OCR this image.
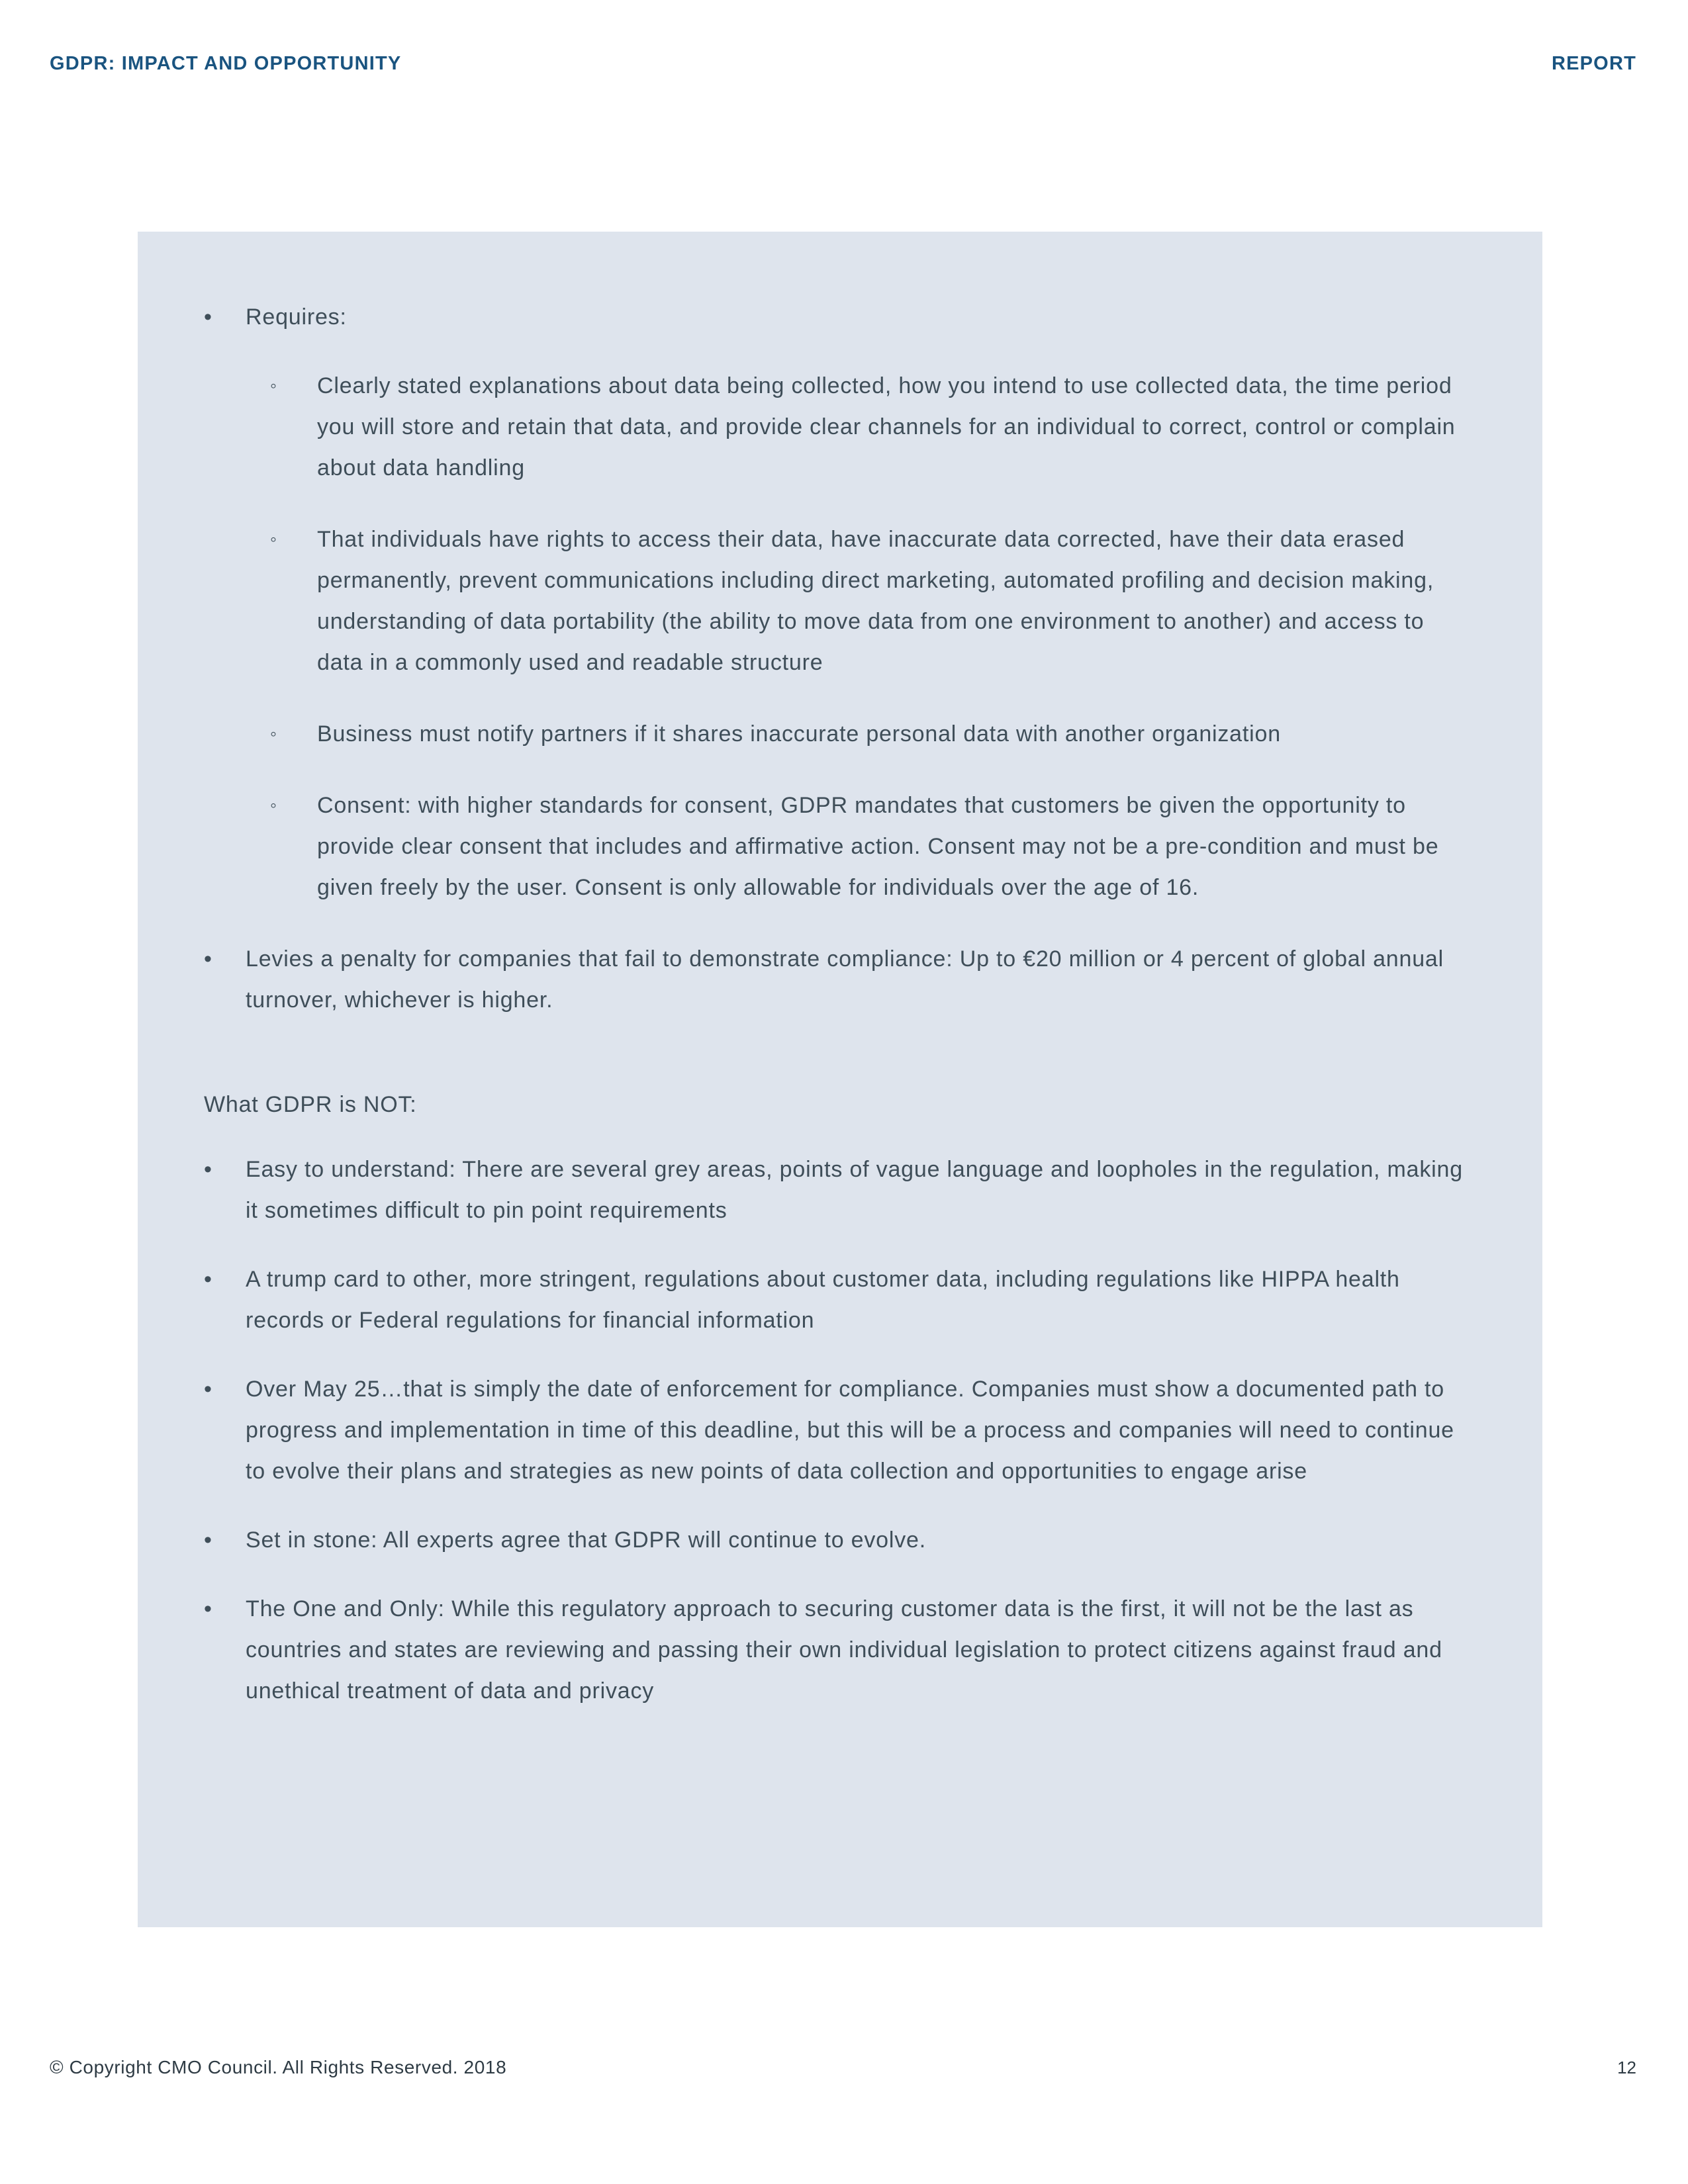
GDPR: IMPACT AND OPPORTUNITY	REPORT
•	Requires:
◦	Clearly stated explanations about data being collected, how you intend to use collected data, the time period you will store and retain that data, and provide clear channels for an individual to correct, control or complain about data handling
◦	That individuals have rights to access their data, have inaccurate data corrected, have their data erased permanently, prevent communications including direct marketing, automated profiling and decision making, understanding of data portability (the ability to move data from one environment to another) and access to data in a commonly used and readable structure
◦	Business must notify partners if it shares inaccurate personal data with another organization
◦	Consent: with higher standards for consent, GDPR mandates that customers be given the opportunity to provide clear consent that includes and affirmative action. Consent may not be a pre-condition and must be given freely by the user. Consent is only allowable for individuals over the age of 16.
•	Levies a penalty for companies that fail to demonstrate compliance: Up to €20 million or 4 percent of global annual turnover, whichever is higher.
What GDPR is NOT:
•	Easy to understand: There are several grey areas, points of vague language and loopholes in the regulation, making it sometimes difficult to pin point requirements
•	A trump card to other, more stringent, regulations about customer data, including regulations like HIPPA health records or Federal regulations for financial information
•	Over May 25…that is simply the date of enforcement for compliance. Companies must show a documented path to progress and implementation in time of this deadline, but this will be a process and companies will need to continue to evolve their plans and strategies as new points of data collection and opportunities to engage arise
•	Set in stone: All experts agree that GDPR will continue to evolve.
•	The One and Only: While this regulatory approach to securing customer data is the first, it will not be the last as countries and states are reviewing and passing their own individual legislation to protect citizens against fraud and unethical treatment of data and privacy
© Copyright CMO Council. All Rights Reserved. 2018	12
